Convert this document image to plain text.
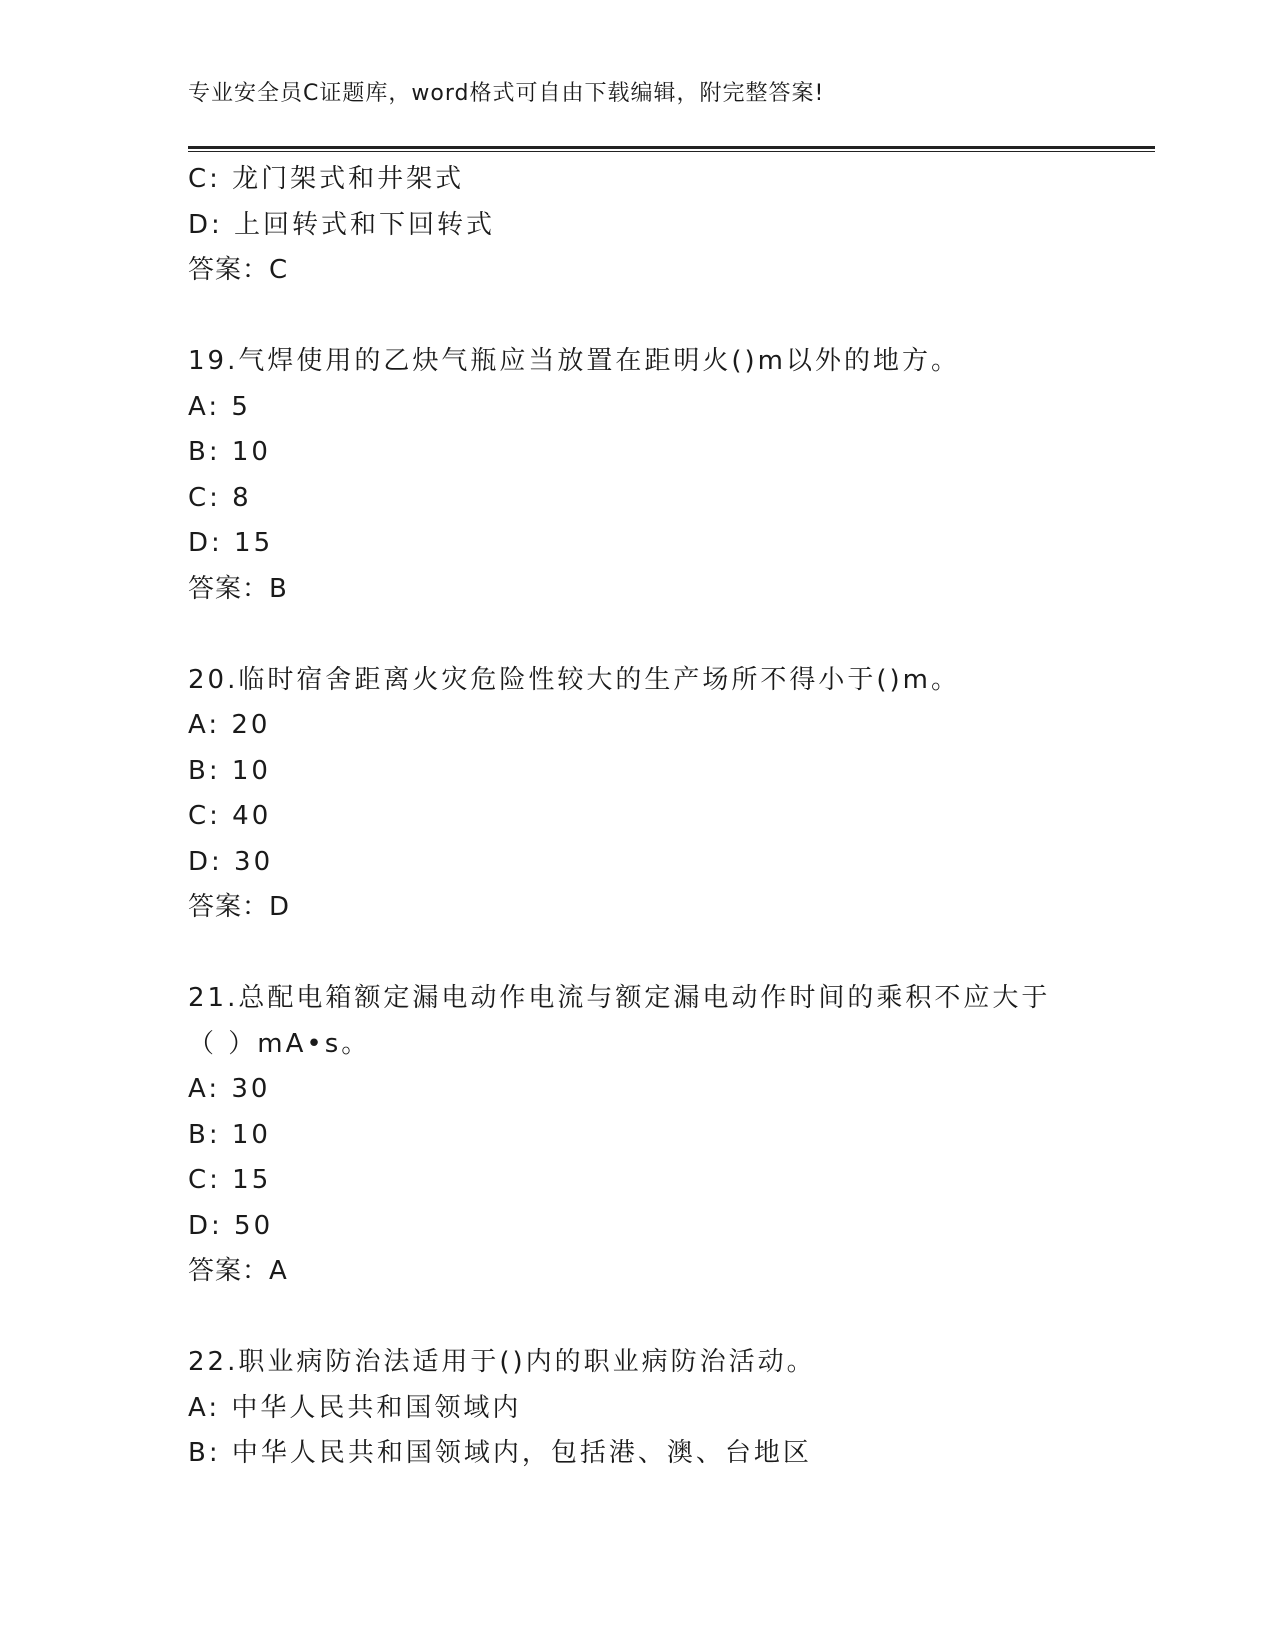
专业安全员C证题库，word格式可自由下载编辑，附完整答案!
C: 龙门架式和井架式
D: 上回转式和下回转式
答案：C
19.气焊使用的乙炔气瓶应当放置在距明火()m以外的地方。
A: 5
B: 10
C: 8
D: 15
答案：B
20.临时宿舍距离火灾危险性较大的生产场所不得小于()m。
A: 20
B: 10
C: 40
D: 30
答案：D
21.总配电箱额定漏电动作电流与额定漏电动作时间的乘积不应大于（ ）mA•s。
A: 30
B: 10
C: 15
D: 50
答案：A
22.职业病防治法适用于()内的职业病防治活动。
A: 中华人民共和国领域内
B: 中华人民共和国领域内，包括港、澳、台地区
